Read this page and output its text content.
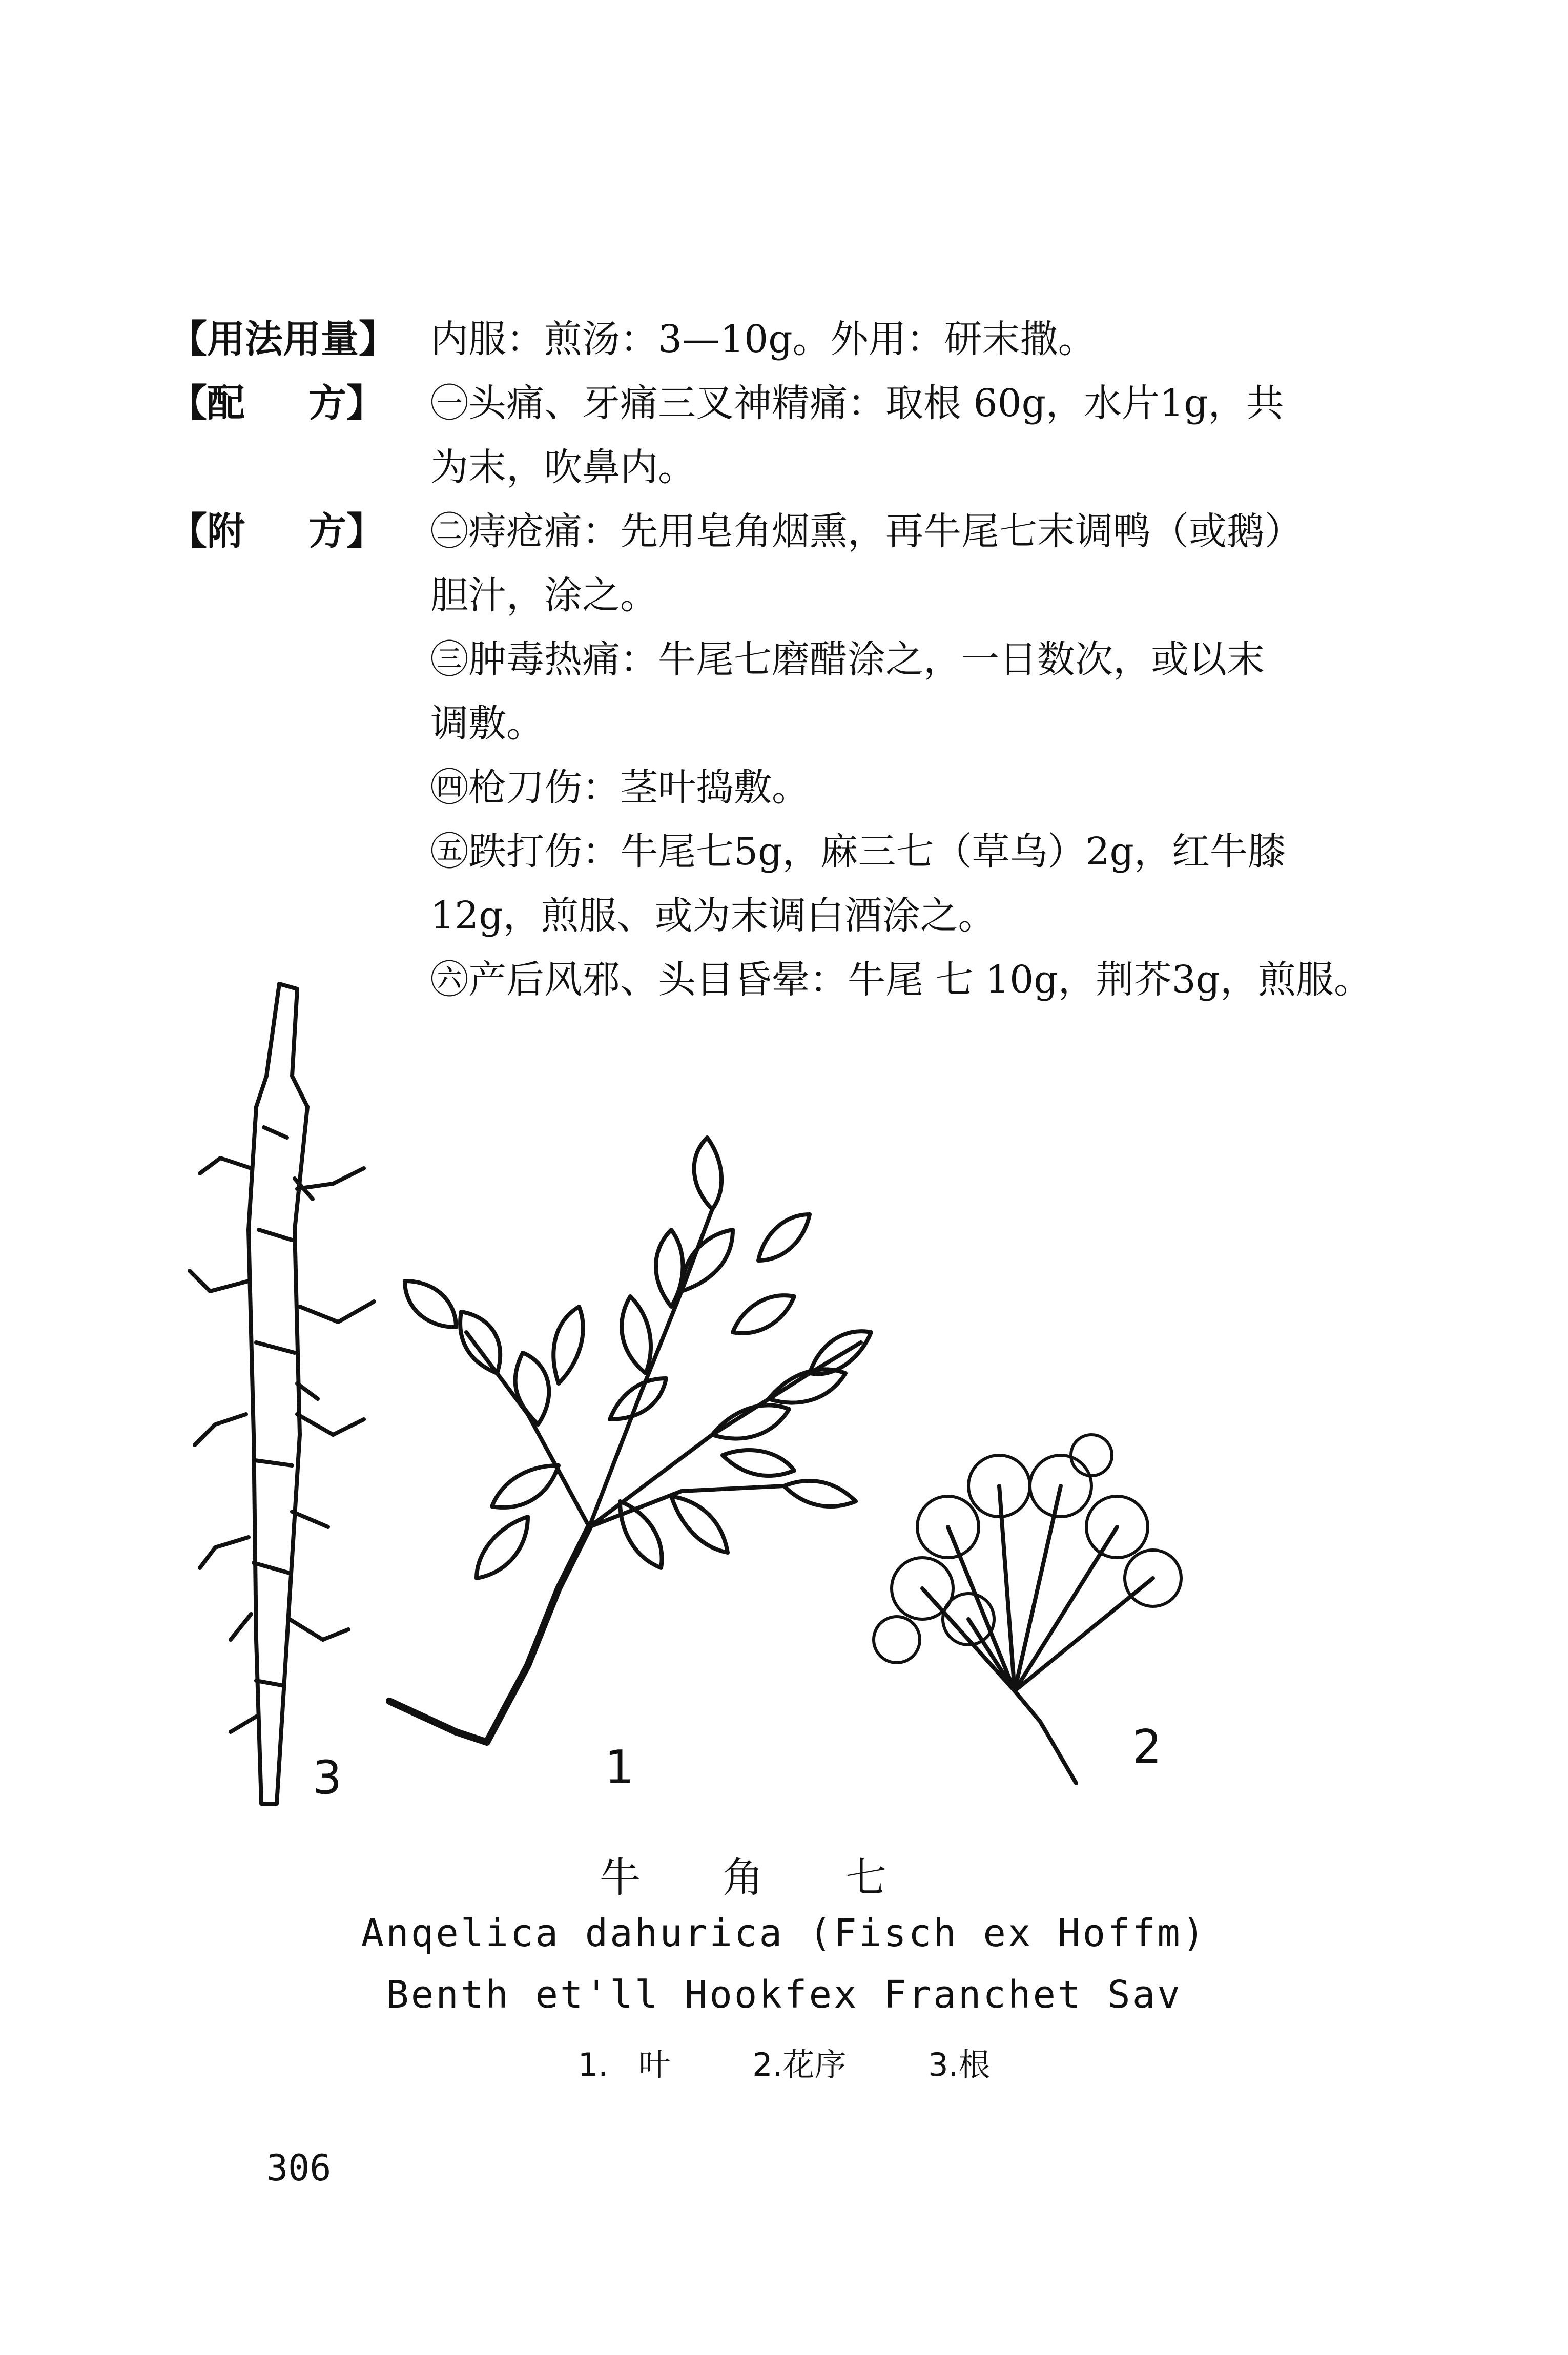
【用法用量】 内服：煎汤：3—10g。外用：研末撒。
【配 方】 ㊀头痛、牙痛三叉神精痛：取根 60g，水片1g，共
为末，吹鼻内。
【附 方】 ㊁痔疮痛：先用皂角烟熏，再牛尾七末调鸭（或鹅）
胆汁，涂之。
㊂肿毒热痛：牛尾七磨醋涂之，一日数次，或以末
调敷。
㊃枪刀伤：茎叶捣敷。
㊄跌打伤：牛尾七5g，麻三七（草乌）2g，红牛膝
12g，煎服、或为末调白酒涂之。
㊅产后风邪、头目昏晕：牛尾 七 10g，荆芥3g，煎服。
1	2
3
牛角七
Anqelica dahurica (Fisch ex Hoffm)
Benth et'll Hookfex Franchet Sav
1. 叶	2.花序	3.根
306
